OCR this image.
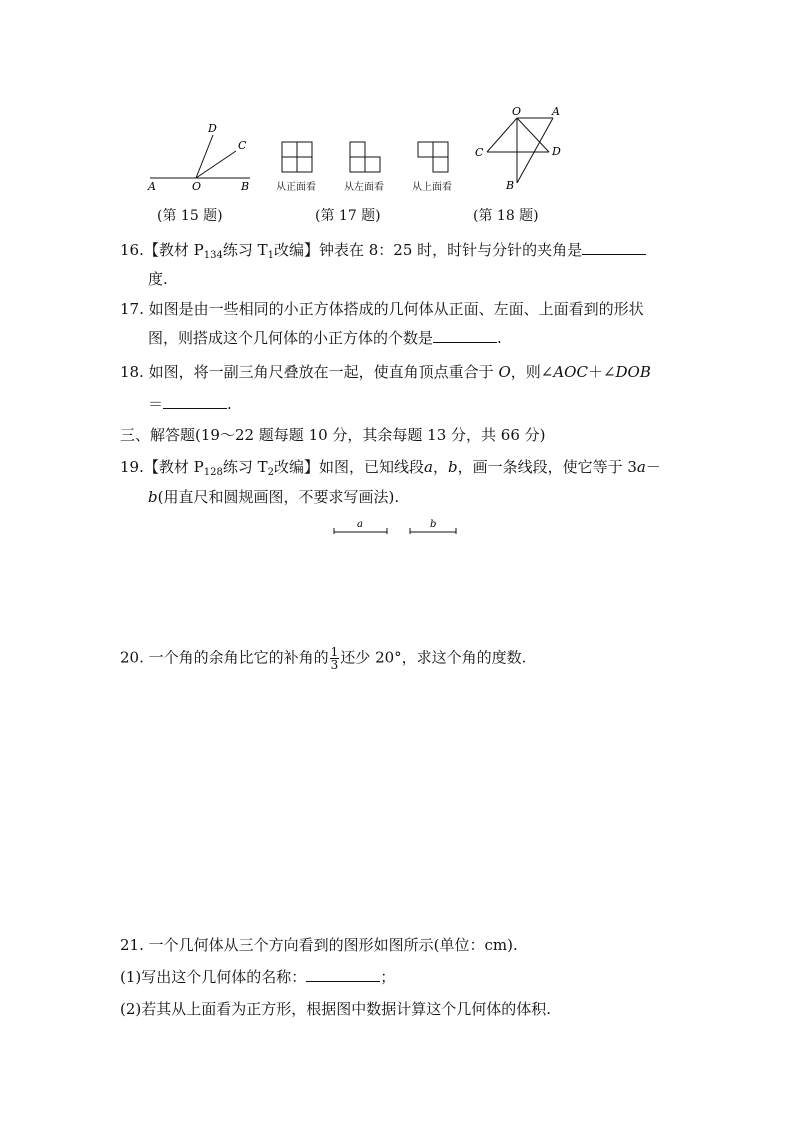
A	O	B
D
C
从正面看	从左面看	从上面看
O	A
C	D
B
(第 15 题)	(第 17 题)	(第 18 题)
16.【教材 $P_{134}$练习 $T_1$改编】钟表在 8：25 时，时针与分针的夹角是
度.
17. 如图是由一些相同的小正方体搭成的几何体从正面、左面、上面看到的形状
图，则搭成这个几何体的小正方体的个数是	.
18. 如图，将一副三角尺叠放在一起，使直角顶点重合于 O，则∠AOC＋∠DOB
＝	.
三、解答题(19～22 题每题 10 分，其余每题 13 分，共 66 分)
19.【教材 $P_{128}$练习 $T_2$改编】如图，已知线段a，b，画一条线段，使它等于 3a－
b(用直尺和圆规画图，不要求写画法).
a	b
20. 一个角的余角比它的补角的 $\frac{1}{3}$ 还少 20°，求这个角的度数.
21. 一个几何体从三个方向看到的图形如图所示(单位：cm).
(1)写出这个几何体的名称：	；
(2)若其从上面看为正方形，根据图中数据计算这个几何体的体积.
